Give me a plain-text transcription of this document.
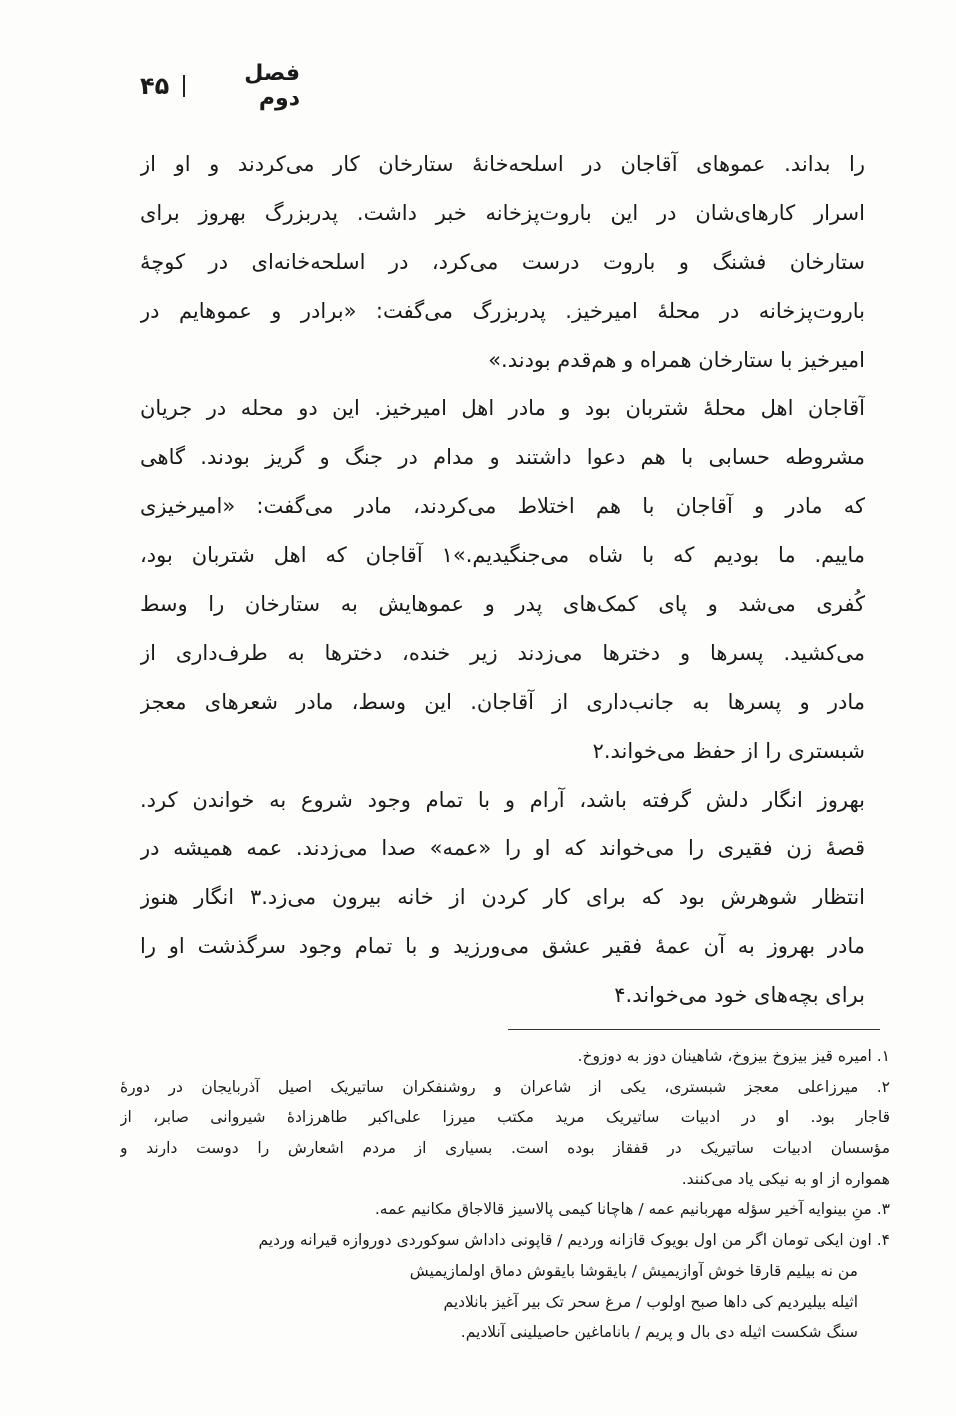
فصل دوم
۴۵
را بداند. عموهای آقاجان در اسلحه‌خانهٔ ستارخان کار می‌کردند و او از
اسرار کارهای‌شان در این باروت‌پزخانه خبر داشت. پدربزرگ بهروز برای
ستارخان فشنگ و باروت درست می‌کرد، در اسلحه‌خانه‌ای در کوچهٔ
باروت‌پزخانه در محلهٔ امیرخیز. پدربزرگ می‌گفت: «برادر و عموهایم در
امیرخیز با ستارخان همراه و هم‌قدم بودند.»
آقاجان اهل محلهٔ شتربان بود و مادر اهل امیرخیز. این دو محله در جریان
مشروطه حسابی با هم دعوا داشتند و مدام در جنگ و گریز بودند. گاهی
که مادر و آقاجان با هم اختلاط می‌کردند، مادر می‌گفت: «امیرخیزی
ماییم. ما بودیم که با شاه می‌جنگیدیم.»۱ آقاجان که اهل شتربان بود،
کُفری می‌شد و پای کمک‌های پدر و عموهایش به ستارخان را وسط
می‌کشید. پسرها و دخترها می‌زدند زیر خنده، دخترها به طرف‌داری از
مادر و پسرها به جانب‌داری از آقاجان. این وسط، مادر شعرهای معجز
شبستری را از حفظ می‌خواند.۲
بهروز انگار دلش گرفته باشد، آرام و با تمام وجود شروع به خواندن کرد.
قصهٔ زن فقیری را می‌خواند که او را «عمه» صدا می‌زدند. عمه همیشه در
انتظار شوهرش بود که برای کار کردن از خانه بیرون می‌زد.۳ انگار هنوز
مادر بهروز به آن عمهٔ فقیر عشق می‌ورزید و با تمام وجود سرگذشت او را
برای بچه‌های خود می‌خواند.۴
۱. امیره قیز بیزوخ بیزوخ، شاهینان دوز به دوزوخ.
۲. میرزاعلی معجز شبستری، یکی از شاعران و روشنفکران ساتیریک اصیل آذربایجان در دورهٔ
قاجار بود. او در ادبیات ساتیریک مرید مکتب میرزا علی‌اکبر طاهرزادهٔ شیروانی صابر، از
مؤسسان ادبیات ساتیریک در قفقاز بوده است. بسیاری از مردم اشعارش را دوست دارند و
همواره از او به نیکی یاد می‌کنند.
۳. منِ بینوایه آخیر سؤله مهربانیم عمه / هاچانا کیمی پالاسیز قالاجاق مکانیم عمه.
۴. اون ایکی تومان اگر من اول بویوک قازانه وردیم / قاپونی داداش سوکوردی دوروازه قیرانه وردیم
من نه بیلیم قارقا خوش آوازیمیش / بایقوشا بایقوش دماق اولمازیمیش
اثیله بیلیردیم کی داها صبح اولوب / مرغ سحر تک بیر آغیز بانلادیم
سنگ شکست اثیله دی بال و پریم / بانا‌ماغین حاصیلینی آنلادیم.
